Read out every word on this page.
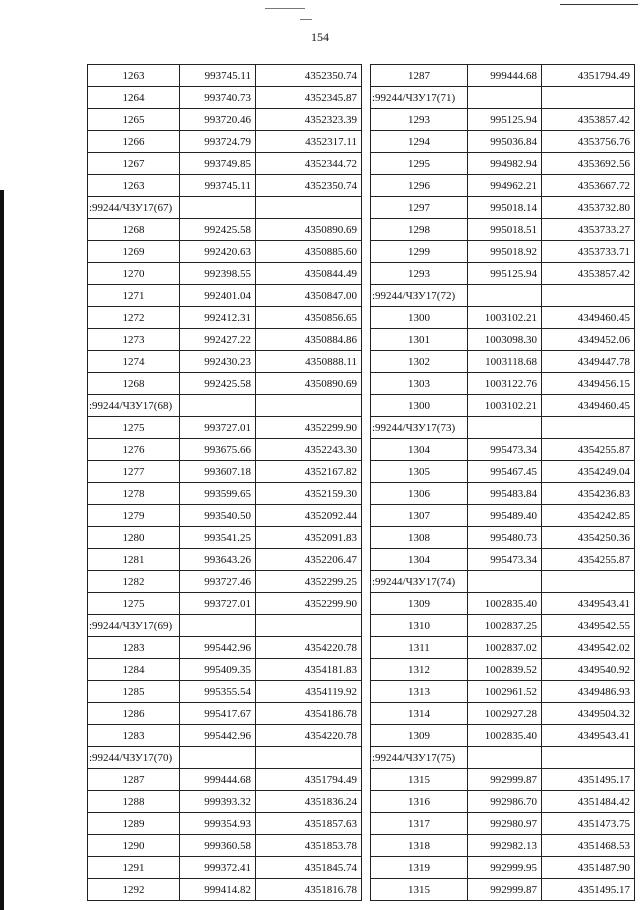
154
1263	993745.11	4352350.74
1264	993740.73	4352345.87
1265	993720.46	4352323.39
1266	993724.79	4352317.11
1267	993749.85	4352344.72
1263	993745.11	4352350.74
:99244/ЧЗУ17(67)		
1268	992425.58	4350890.69
1269	992420.63	4350885.60
1270	992398.55	4350844.49
1271	992401.04	4350847.00
1272	992412.31	4350856.65
1273	992427.22	4350884.86
1274	992430.23	4350888.11
1268	992425.58	4350890.69
:99244/ЧЗУ17(68)		
1275	993727.01	4352299.90
1276	993675.66	4352243.30
1277	993607.18	4352167.82
1278	993599.65	4352159.30
1279	993540.50	4352092.44
1280	993541.25	4352091.83
1281	993643.26	4352206.47
1282	993727.46	4352299.25
1275	993727.01	4352299.90
:99244/ЧЗУ17(69)		
1283	995442.96	4354220.78
1284	995409.35	4354181.83
1285	995355.54	4354119.92
1286	995417.67	4354186.78
1283	995442.96	4354220.78
:99244/ЧЗУ17(70)		
1287	999444.68	4351794.49
1288	999393.32	4351836.24
1289	999354.93	4351857.63
1290	999360.58	4351853.78
1291	999372.41	4351845.74
1292	999414.82	4351816.78
1287	999444.68	4351794.49
:99244/ЧЗУ17(71)		
1293	995125.94	4353857.42
1294	995036.84	4353756.76
1295	994982.94	4353692.56
1296	994962.21	4353667.72
1297	995018.14	4353732.80
1298	995018.51	4353733.27
1299	995018.92	4353733.71
1293	995125.94	4353857.42
:99244/ЧЗУ17(72)		
1300	1003102.21	4349460.45
1301	1003098.30	4349452.06
1302	1003118.68	4349447.78
1303	1003122.76	4349456.15
1300	1003102.21	4349460.45
:99244/ЧЗУ17(73)		
1304	995473.34	4354255.87
1305	995467.45	4354249.04
1306	995483.84	4354236.83
1307	995489.40	4354242.85
1308	995480.73	4354250.36
1304	995473.34	4354255.87
:99244/ЧЗУ17(74)		
1309	1002835.40	4349543.41
1310	1002837.25	4349542.55
1311	1002837.02	4349542.02
1312	1002839.52	4349540.92
1313	1002961.52	4349486.93
1314	1002927.28	4349504.32
1309	1002835.40	4349543.41
:99244/ЧЗУ17(75)		
1315	992999.87	4351495.17
1316	992986.70	4351484.42
1317	992980.97	4351473.75
1318	992982.13	4351468.53
1319	992999.95	4351487.90
1315	992999.87	4351495.17
